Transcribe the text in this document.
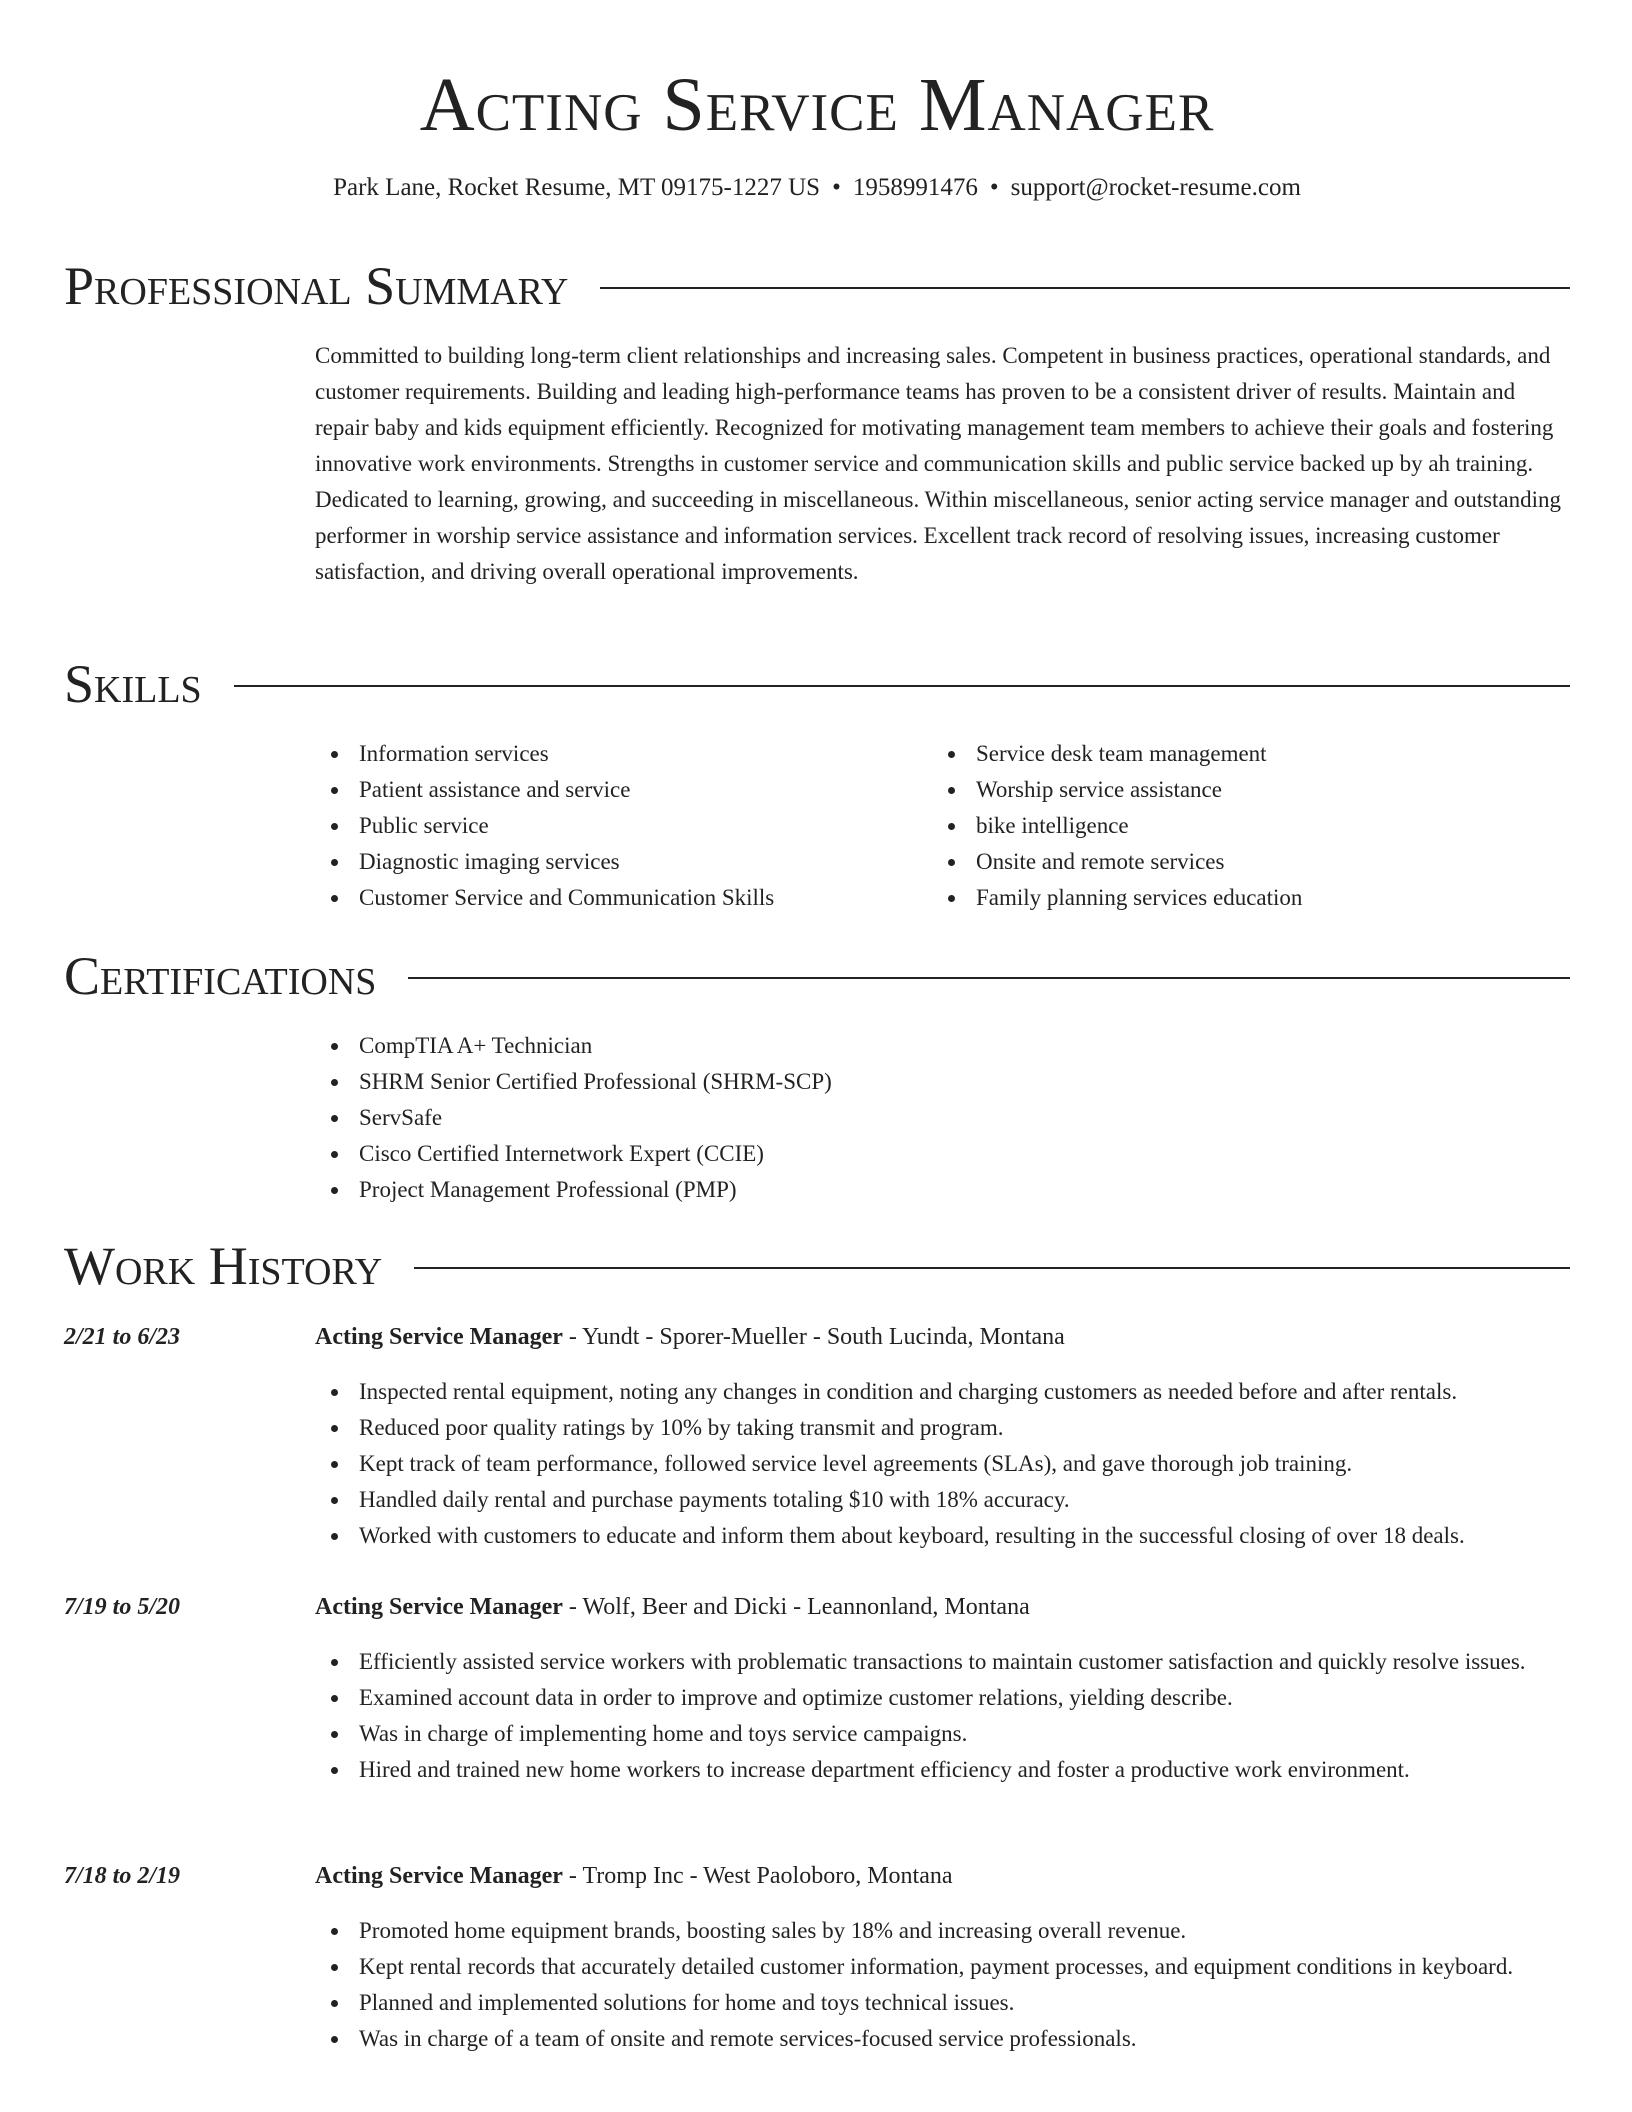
Acting Service Manager
Park Lane, Rocket Resume, MT 09175-1227 US • 1958991476 • support@rocket-resume.com
Professional Summary

Committed to building long-term client relationships and increasing sales. Competent in business practices, operational standards, and customer requirements. Building and leading high-performance teams has proven to be a consistent driver of results. Maintain and repair baby and kids equipment efficiently. Recognized for motivating management team members to achieve their goals and fostering innovative work environments. Strengths in customer service and communication skills and public service backed up by ah training. Dedicated to learning, growing, and succeeding in miscellaneous. Within miscellaneous, senior acting service manager and outstanding performer in worship service assistance and information services. Excellent track record of resolving issues, increasing customer satisfaction, and driving overall operational improvements.

Skills
Information services
Patient assistance and service
Public service
Diagnostic imaging services
Customer Service and Communication Skills
Service desk team management
Worship service assistance
bike intelligence
Onsite and remote services
Family planning services education
Certifications
CompTIA A+ Technician
SHRM Senior Certified Professional (SHRM-SCP)
ServSafe
Cisco Certified Internetwork Expert (CCIE)
Project Management Professional (PMP)
Work History
2/21 to 6/23	Acting Service Manager - Yundt - Sporer-Mueller - South Lucinda, Montana
Inspected rental equipment, noting any changes in condition and charging customers as needed before and after rentals.
Reduced poor quality ratings by 10% by taking transmit and program.
Kept track of team performance, followed service level agreements (SLAs), and gave thorough job training.
Handled daily rental and purchase payments totaling $10 with 18% accuracy.
Worked with customers to educate and inform them about keyboard, resulting in the successful closing of over 18 deals.
7/19 to 5/20	Acting Service Manager - Wolf, Beer and Dicki - Leannonland, Montana
Efficiently assisted service workers with problematic transactions to maintain customer satisfaction and quickly resolve issues.
Examined account data in order to improve and optimize customer relations, yielding describe.
Was in charge of implementing home and toys service campaigns.
Hired and trained new home workers to increase department efficiency and foster a productive work environment.
7/18 to 2/19	Acting Service Manager - Tromp Inc - West Paoloboro, Montana
Promoted home equipment brands, boosting sales by 18% and increasing overall revenue.
Kept rental records that accurately detailed customer information, payment processes, and equipment conditions in keyboard.
Planned and implemented solutions for home and toys technical issues.
Was in charge of a team of onsite and remote services-focused service professionals.
